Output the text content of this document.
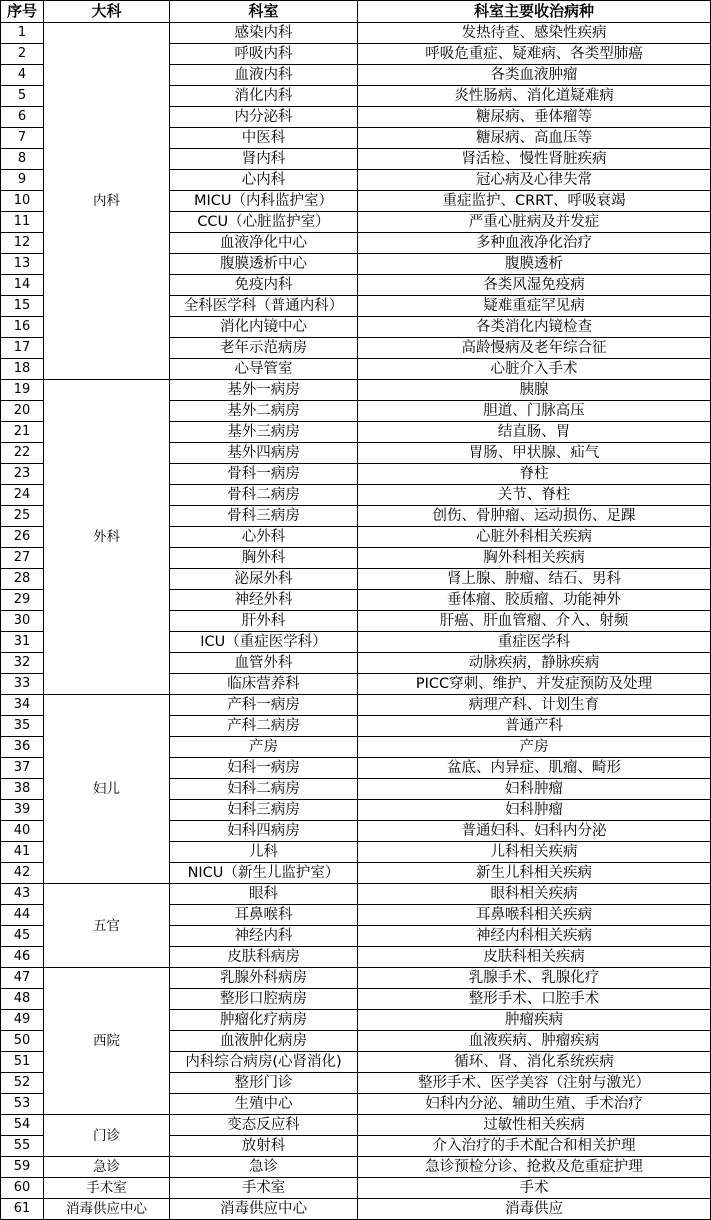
序号	大科	科室	科室主要收治病种
1	内科	感染内科	发热待查、感染性疾病
2		呼吸内科	呼吸危重症、疑难病、各类型肺癌
4		血液内科	各类血液肿瘤
5		消化内科	炎性肠病、消化道疑难病
6		内分泌科	糖尿病、垂体瘤等
7		中医科	糖尿病、高血压等
8		肾内科	肾活检、慢性肾脏疾病
9		心内科	冠心病及心律失常
10		MICU（内科监护室）	重症监护、CRRT、呼吸衰竭
11		CCU（心脏监护室）	严重心脏病及并发症
12		血液净化中心	多种血液净化治疗
13		腹膜透析中心	腹膜透析
14		免疫内科	各类风湿免疫病
15		全科医学科（普通内科）	疑难重症罕见病
16		消化内镜中心	各类消化内镜检查
17		老年示范病房	高龄慢病及老年综合征
18		心导管室	心脏介入手术
19	外科	基外一病房	胰腺
20		基外二病房	胆道、门脉高压
21		基外三病房	结直肠、胃
22		基外四病房	胃肠、甲状腺、疝气
23		骨科一病房	脊柱
24		骨科二病房	关节、脊柱
25		骨科三病房	创伤、骨肿瘤、运动损伤、足踝
26		心外科	心脏外科相关疾病
27		胸外科	胸外科相关疾病
28		泌尿外科	肾上腺、肿瘤、结石、男科
29		神经外科	垂体瘤、胶质瘤、功能神外
30		肝外科	肝癌、肝血管瘤、介入、射频
31		ICU（重症医学科）	重症医学科
32		血管外科	动脉疾病，静脉疾病
33		临床营养科	PICC穿刺、维护、并发症预防及处理
34	妇儿	产科一病房	病理产科、计划生育
35		产科二病房	普通产科
36		产房	产房
37		妇科一病房	盆底、内异症、肌瘤、畸形
38		妇科二病房	妇科肿瘤
39		妇科三病房	妇科肿瘤
40		妇科四病房	普通妇科、妇科内分泌
41		儿科	儿科相关疾病
42		NICU（新生儿监护室）	新生儿科相关疾病
43	五官	眼科	眼科相关疾病
44		耳鼻喉科	耳鼻喉科相关疾病
45		神经内科	神经内科相关疾病
46		皮肤科病房	皮肤科相关疾病
47	西院	乳腺外科病房	乳腺手术、乳腺化疗
48		整形口腔病房	整形手术、口腔手术
49		肿瘤化疗病房	肿瘤疾病
50		血液肿化病房	血液疾病、肿瘤疾病
51		内科综合病房(心肾消化)	循环、肾、消化系统疾病
52		整形门诊	整形手术、医学美容（注射与激光）
53		生殖中心	妇科内分泌、辅助生殖、手术治疗
54	门诊	变态反应科	过敏性相关疾病
55		放射科	介入治疗的手术配合和相关护理
59	急诊	急诊	急诊预检分诊、抢救及危重症护理
60	手术室	手术室	手术
61	消毒供应中心	消毒供应中心	消毒供应
